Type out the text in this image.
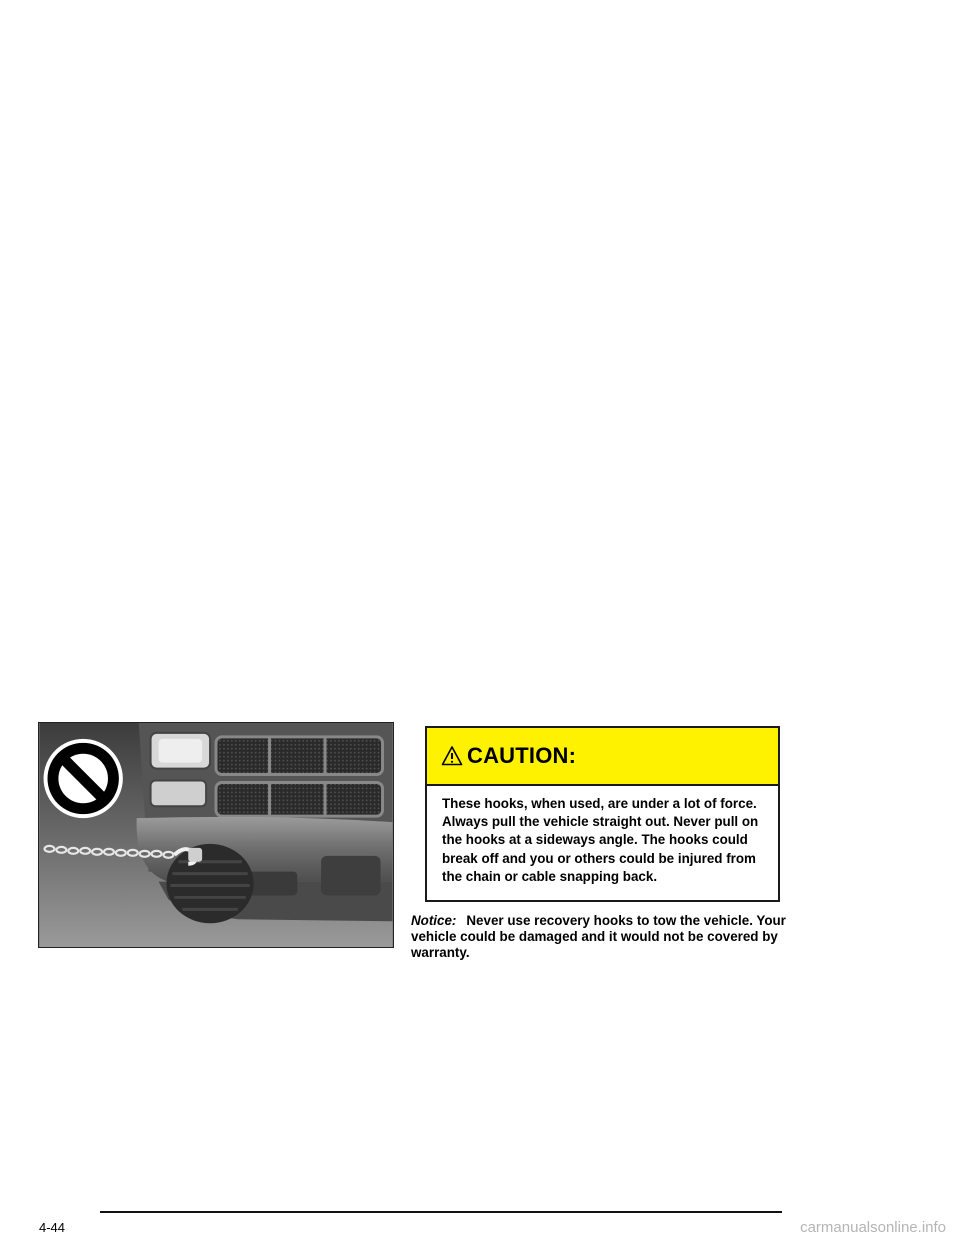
CAUTION:
These hooks, when used, are under a lot of force. Always pull the vehicle straight out. Never pull on the hooks at a sideways angle. The hooks could break off and you or others could be injured from the chain or cable snapping back.
Notice: Never use recovery hooks to tow the vehicle. Your vehicle could be damaged and it would not be covered by warranty.
4-44	carmanualsonline.info
